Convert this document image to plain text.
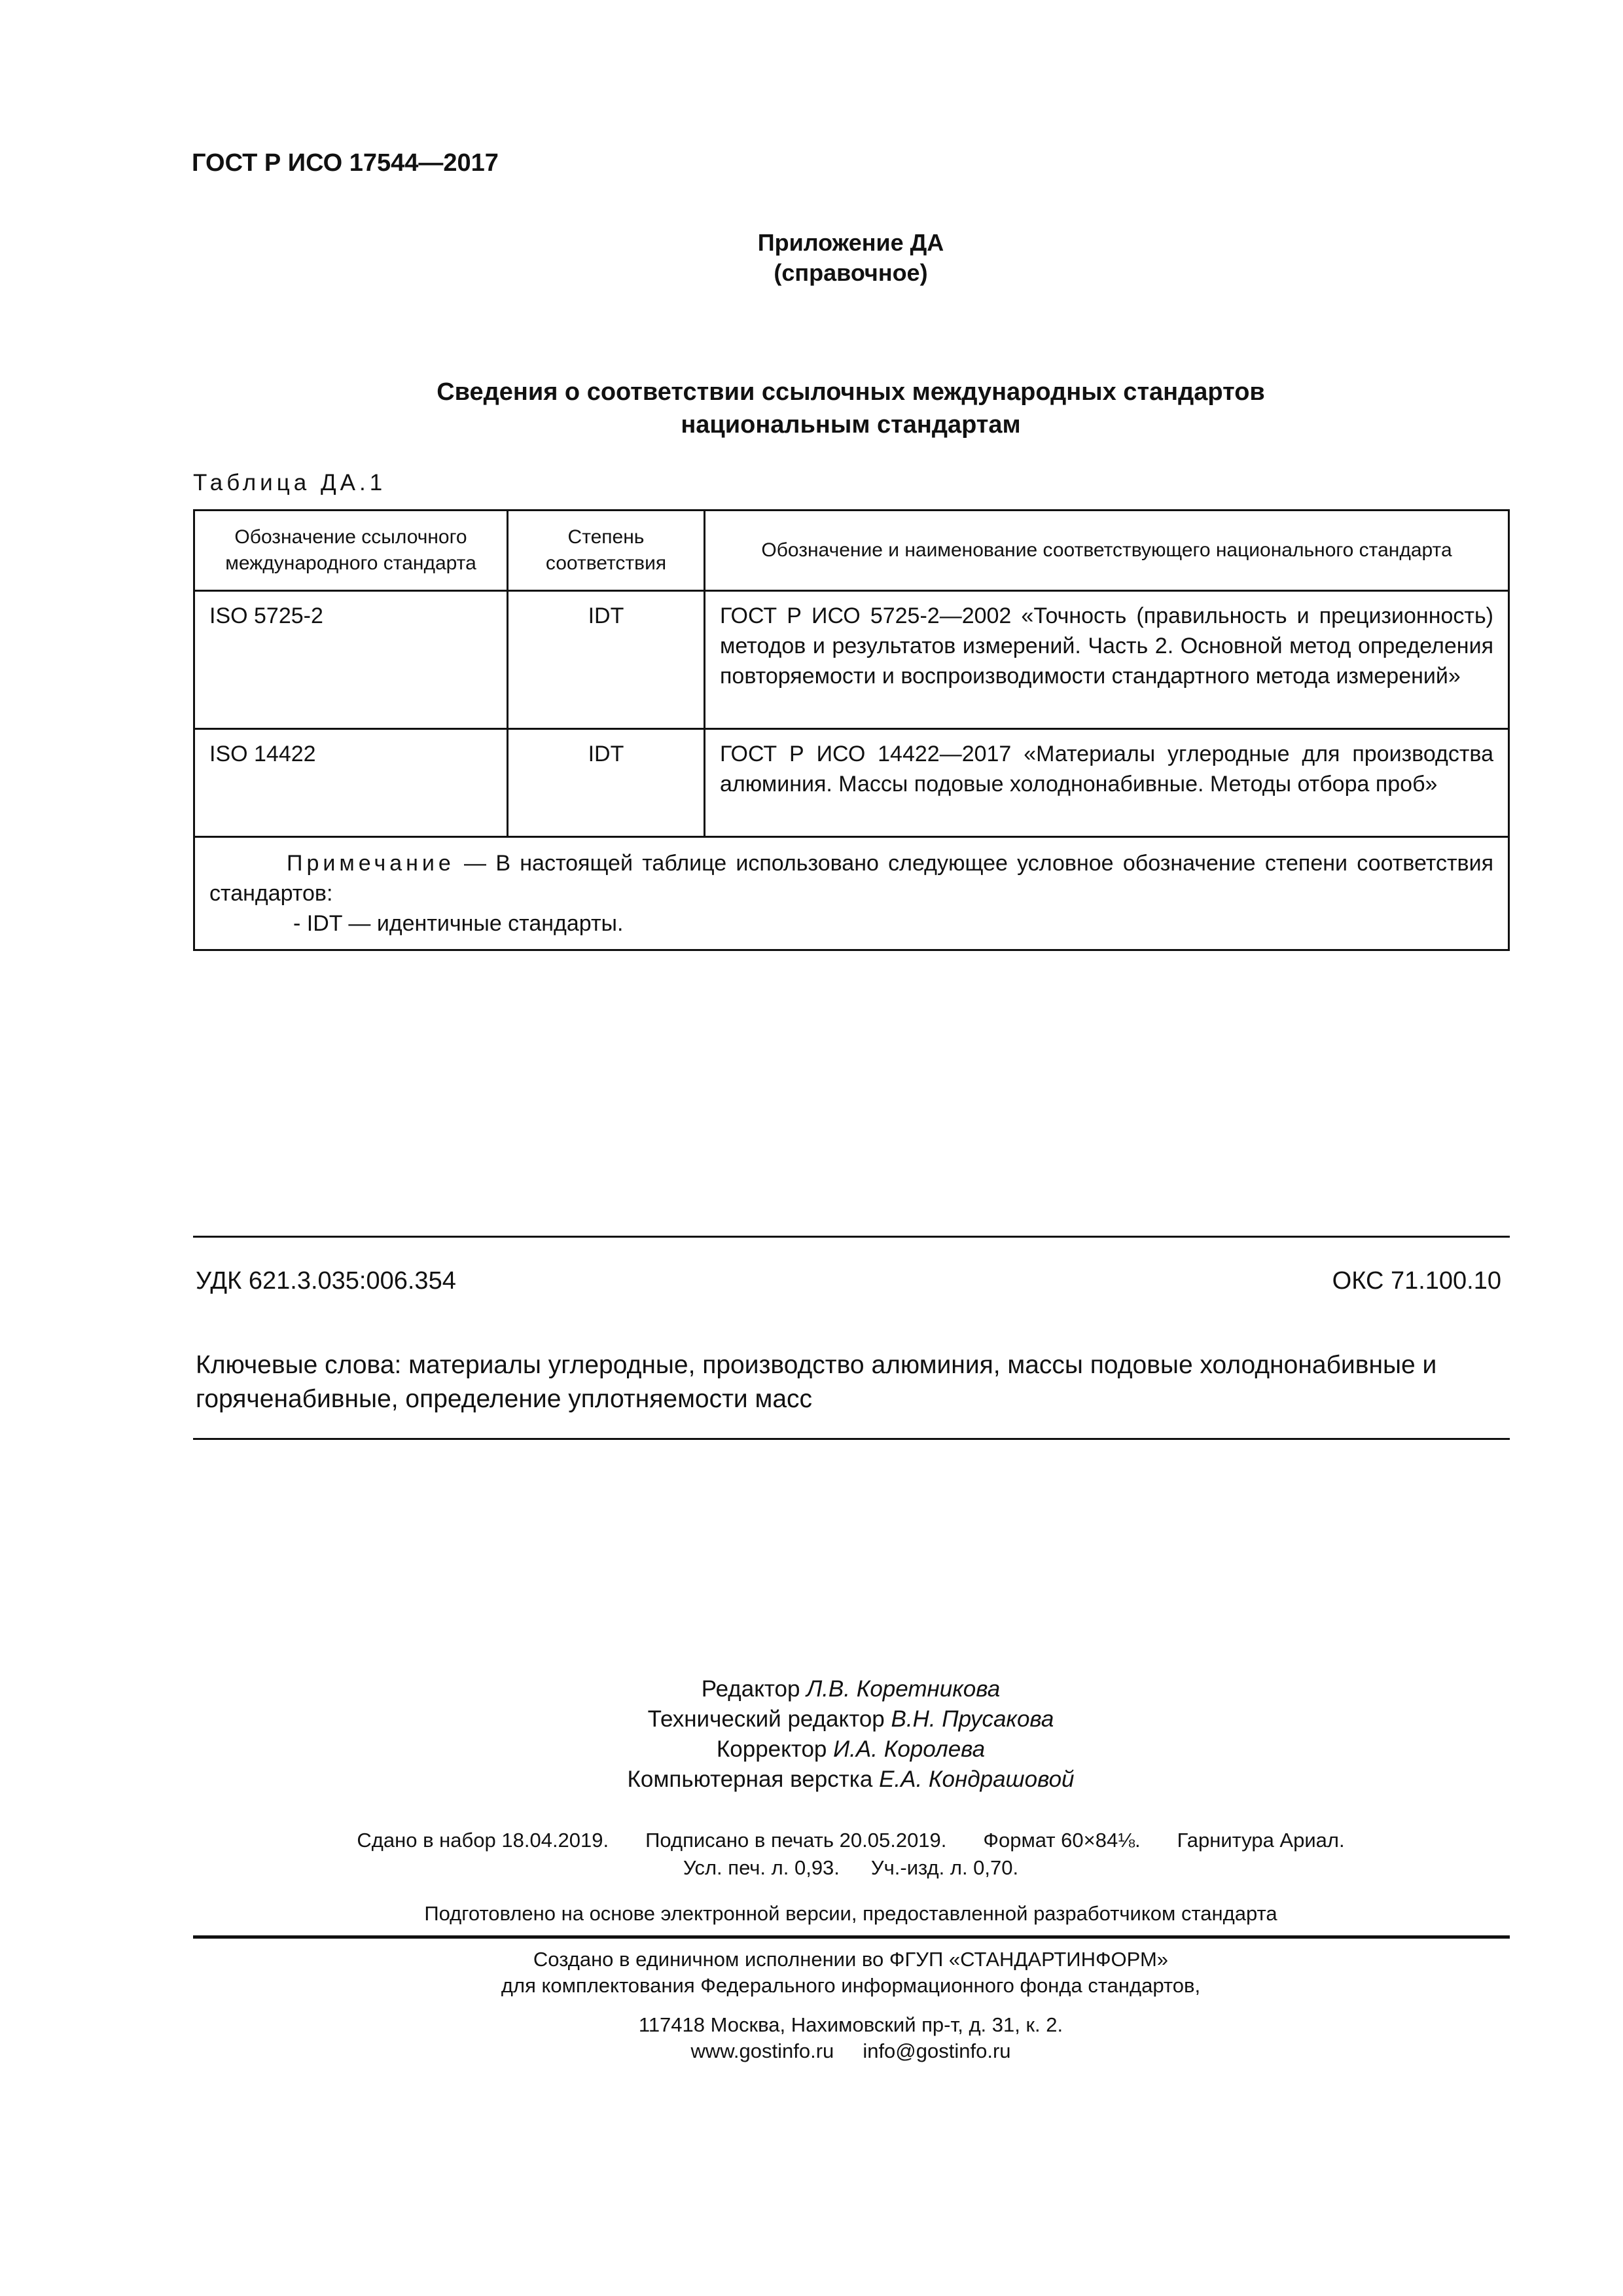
ГОСТ Р ИСО 17544—2017
Приложение ДА
(справочное)
Сведения о соответствии ссылочных международных стандартов
национальным стандартам
Таблица ДА.1
Обозначение ссылочного международного стандарта	Степень соответствия	Обозначение и наименование соответствующего национального стандарта
ISO 5725-2	IDT	ГОСТ Р ИСО 5725-2—2002 «Точность (правильность и прецизионность) методов и результатов измерений. Часть 2. Основной метод определения повторяемости и воспроизводимости стандартного метода измерений»
ISO 14422	IDT	ГОСТ Р ИСО 14422—2017 «Материалы углеродные для производства алюминия. Массы подовые холоднонабивные. Методы отбора проб»

Примечание — В настоящей таблице использовано следующее условное обозначение степени соответствия стандартов:
- IDT — идентичные стандарты.		
УДК 621.3.035:006.354	ОКС 71.100.10
Ключевые слова: материалы углеродные, производство алюминия, массы подовые холоднонабивные и горяченабивные, определение уплотняемости масс
Редактор Л.В. Коретникова
Технический редактор В.Н. Прусакова
Корректор И.А. Королева
Компьютерная верстка Е.А. Кондрашовой
Сдано в набор 18.04.2019. Подписано в печать 20.05.2019. Формат 60×84⅛. Гарнитура Ариал.
Усл. печ. л. 0,93. Уч.-изд. л. 0,70.
Подготовлено на основе электронной версии, предоставленной разработчиком стандарта
Создано в единичном исполнении во ФГУП «СТАНДАРТИНФОРМ»
для комплектования Федерального информационного фонда стандартов,
117418 Москва, Нахимовский пр-т, д. 31, к. 2.
www.gostinfo.ru info@gostinfo.ru
